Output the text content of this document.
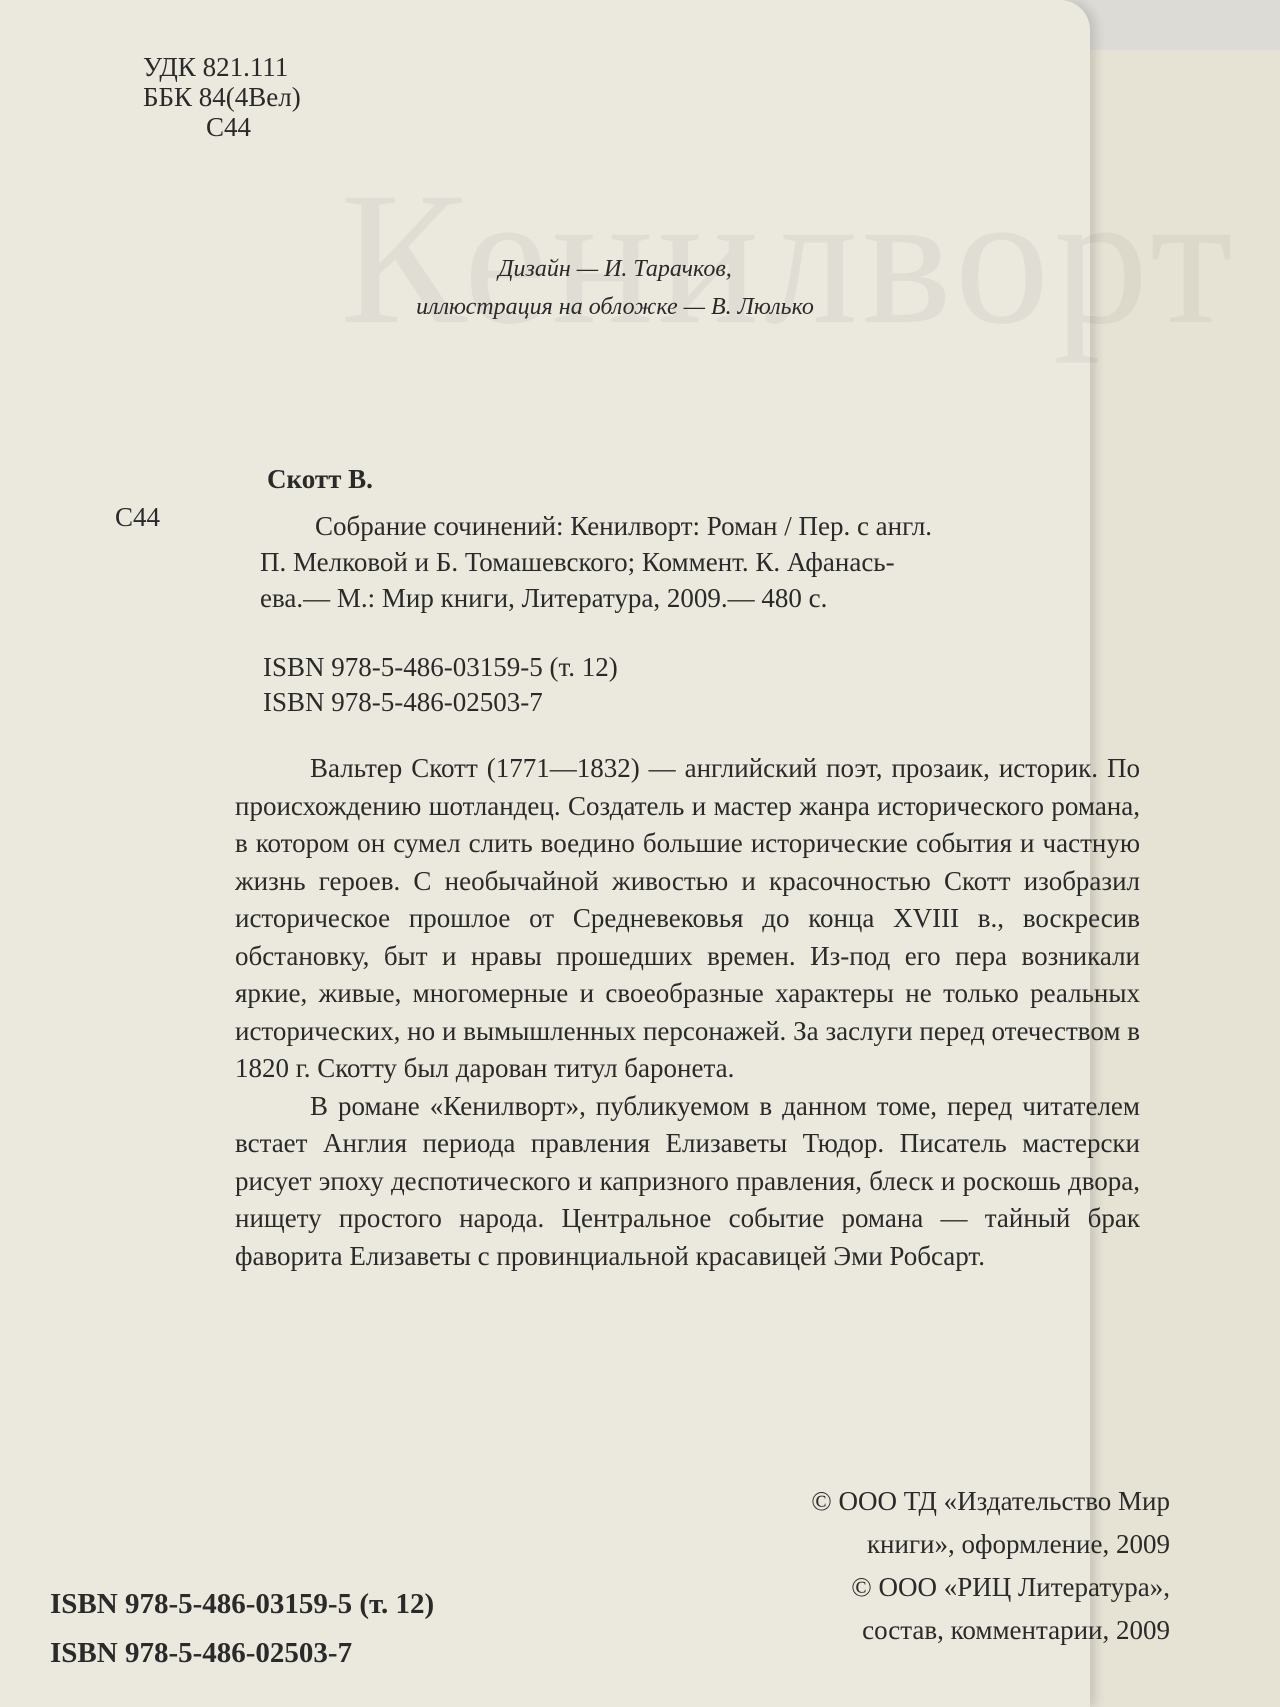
УДК 821.111
ББК 84(4Вел)
С44
Дизайн — И. Тарачков,
иллюстрация на обложке — В. Люлько
Скотт В.
С44	Собрание сочинений: Кенилворт: Роман / Пер. с англ.
П. Мелковой и Б. Томашевского; Коммент. К. Афанась-
ева.— М.: Мир книги, Литература, 2009.— 480 с.
ISBN 978-5-486-03159-5 (т. 12)
ISBN 978-5-486-02503-7

Вальтер Скотт (1771—1832) — английский поэт, прозаик, историк. По происхождению шотландец. Создатель и мастер жанра исторического романа, в котором он сумел слить воедино большие исторические события и частную жизнь героев. С необычайной живостью и красочностью Скотт изобразил историческое прошлое от Средневековья до конца XVIII в., воскресив обстановку, быт и нравы прошедших времен. Из-под его пера возникали яркие, живые, многомерные и своеобразные характеры не только реальных исторических, но и вымышленных персонажей. За заслуги перед отечеством в 1820 г. Скотту был дарован титул баронета.

В романе «Кенилворт», публикуемом в данном томе, перед читателем встает Англия периода правления Елизаветы Тюдор. Писатель мастерски рисует эпоху деспотического и капризного правления, блеск и роскошь двора, нищету простого народа. Центральное событие романа — тайный брак фаворита Елизаветы с провинциальной красавицей Эми Робсарт.

© ООО ТД «Издательство Мир
книги», оформление, 2009
© ООО «РИЦ Литература»,
состав, комментарии, 2009
ISBN 978-5-486-03159-5 (т. 12)
ISBN 978-5-486-02503-7
